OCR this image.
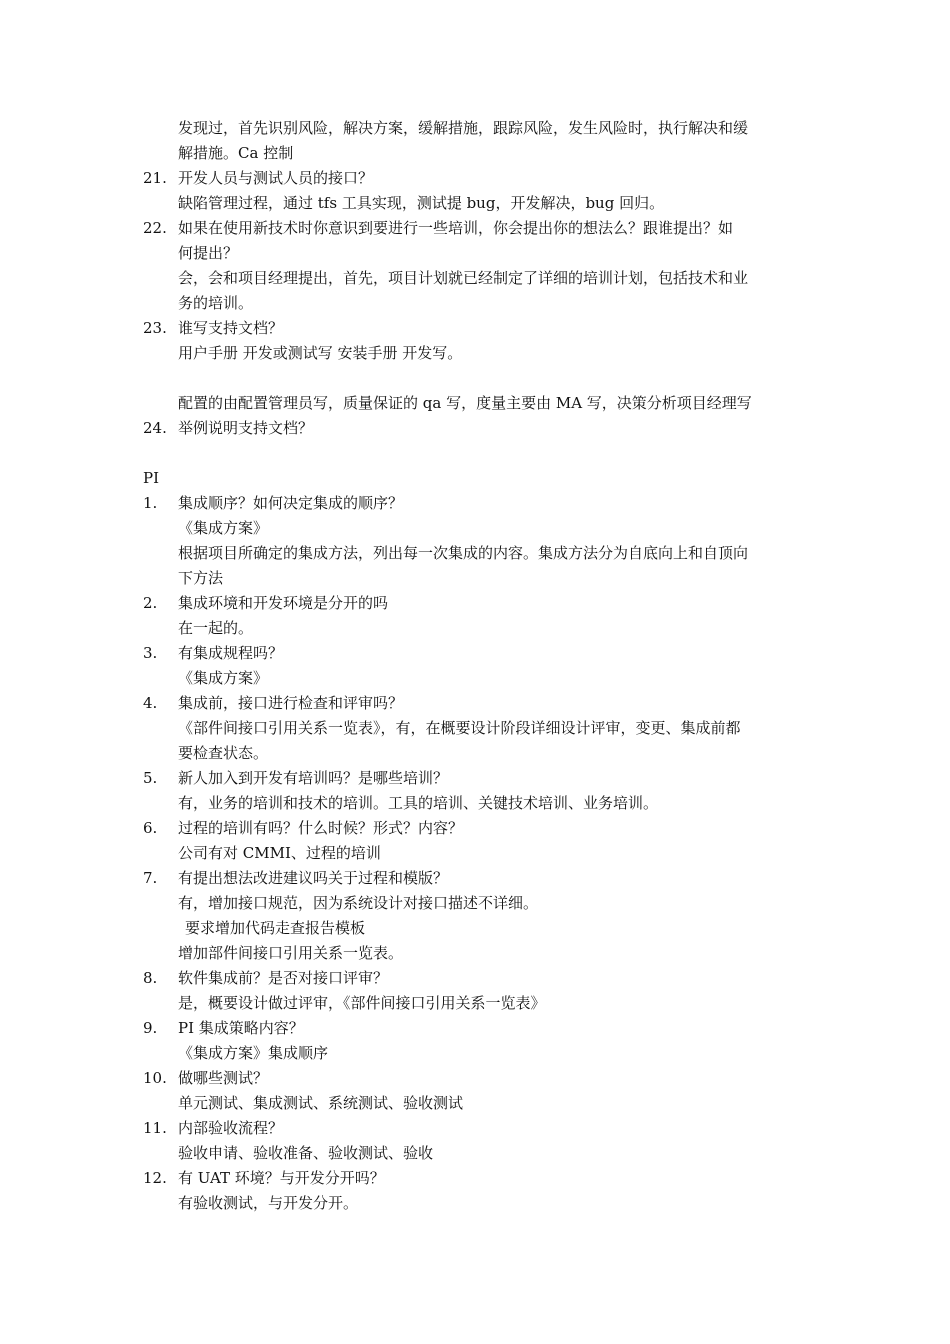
发现过，首先识别风险，解决方案，缓解措施，跟踪风险，发生风险时，执行解决和缓
解措施。Ca 控制
21. 开发人员与测试人员的接口？
缺陷管理过程，通过 tfs 工具实现，测试提 bug，开发解决，bug 回归。
22. 如果在使用新技术时你意识到要进行一些培训，你会提出你的想法么？跟谁提出？如
何提出？
会，会和项目经理提出，首先，项目计划就已经制定了详细的培训计划，包括技术和业
务的培训。
23. 谁写支持文档？
用户手册 开发或测试写 安装手册 开发写。
配置的由配置管理员写，质量保证的 qa 写，度量主要由 MA 写，决策分析项目经理写
24. 举例说明支持文档？
PI
1. 集成顺序？如何决定集成的顺序？
《集成方案》
根据项目所确定的集成方法，列出每一次集成的内容。集成方法分为自底向上和自顶向
下方法
2. 集成环境和开发环境是分开的吗
在一起的。
3. 有集成规程吗？
《集成方案》
4. 集成前，接口进行检查和评审吗？
《部件间接口引用关系一览表》，有，在概要设计阶段详细设计评审，变更、集成前都
要检查状态。
5. 新人加入到开发有培训吗？是哪些培训？
有，业务的培训和技术的培训。工具的培训、关键技术培训、业务培训。
6. 过程的培训有吗？什么时候？形式？内容？
公司有对 CMMI、过程的培训
7. 有提出想法改进建议吗关于过程和模版？
有，增加接口规范，因为系统设计对接口描述不详细。
要求增加代码走查报告模板
增加部件间接口引用关系一览表。
8. 软件集成前？是否对接口评审？
是，概要设计做过评审，《部件间接口引用关系一览表》
9. PI 集成策略内容？
《集成方案》集成顺序
10. 做哪些测试？
单元测试、集成测试、系统测试、验收测试
11. 内部验收流程？
验收申请、验收准备、验收测试、验收
12. 有 UAT 环境？与开发分开吗？
有验收测试，与开发分开。
